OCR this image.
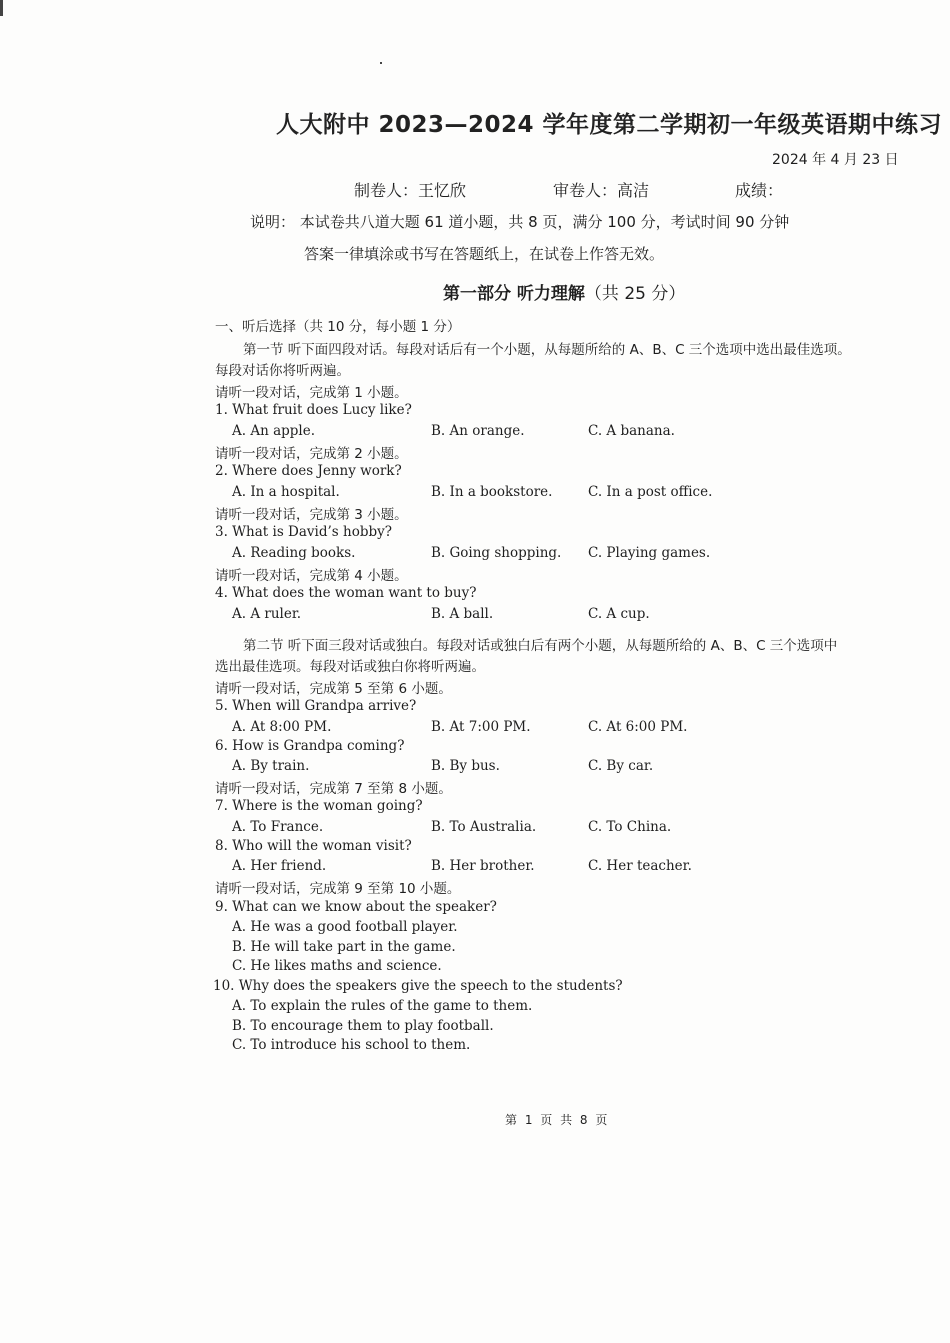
人大附中 2023—2024 学年度第二学期初一年级英语期中练习
2024 年 4 月 23 日
制卷人：王忆欣	审卷人：高洁	成绩：
说明： 本试卷共八道大题 61 道小题，共 8 页，满分 100 分，考试时间 90 分钟
答案一律填涂或书写在答题纸上，在试卷上作答无效。
第一部分 听力理解（共 25 分）
一、听后选择（共 10 分，每小题 1 分）
第一节 听下面四段对话。每段对话后有一个小题，从每题所给的 A、B、C 三个选项中选出最佳选项。
每段对话你将听两遍。
请听一段对话，完成第 1 小题。
1. What fruit does Lucy like?
A. An apple.	B. An orange.	C. A banana.
请听一段对话，完成第 2 小题。
2. Where does Jenny work?
A. In a hospital.	B. In a bookstore.	C. In a post office.
请听一段对话，完成第 3 小题。
3. What is David’s hobby?
A. Reading books.	B. Going shopping. C. Playing games.
请听一段对话，完成第 4 小题。
4. What does the woman want to buy?
A. A ruler.	B. A ball.	C. A cup.
第二节 听下面三段对话或独白。每段对话或独白后有两个小题，从每题所给的 A、B、C 三个选项中
选出最佳选项。每段对话或独白你将听两遍。
请听一段对话，完成第 5 至第 6 小题。
5. When will Grandpa arrive?
A. At 8:00 PM.	B. At 7:00 PM.	C. At 6:00 PM.
6. How is Grandpa coming?
A. By train.	B. By bus.	C. By car.
请听一段对话，完成第 7 至第 8 小题。
7. Where is the woman going?
A. To France.	B. To Australia.	C. To China.
8. Who will the woman visit?
A. Her friend.	B. Her brother.	C. Her teacher.
请听一段对话，完成第 9 至第 10 小题。
9. What can we know about the speaker?
A. He was a good football player.
B. He will take part in the game.
C. He likes maths and science.
10. Why does the speakers give the speech to the students?
A. To explain the rules of the game to them.
B. To encourage them to play football.
C. To introduce his school to them.
第 1 页 共 8 页
